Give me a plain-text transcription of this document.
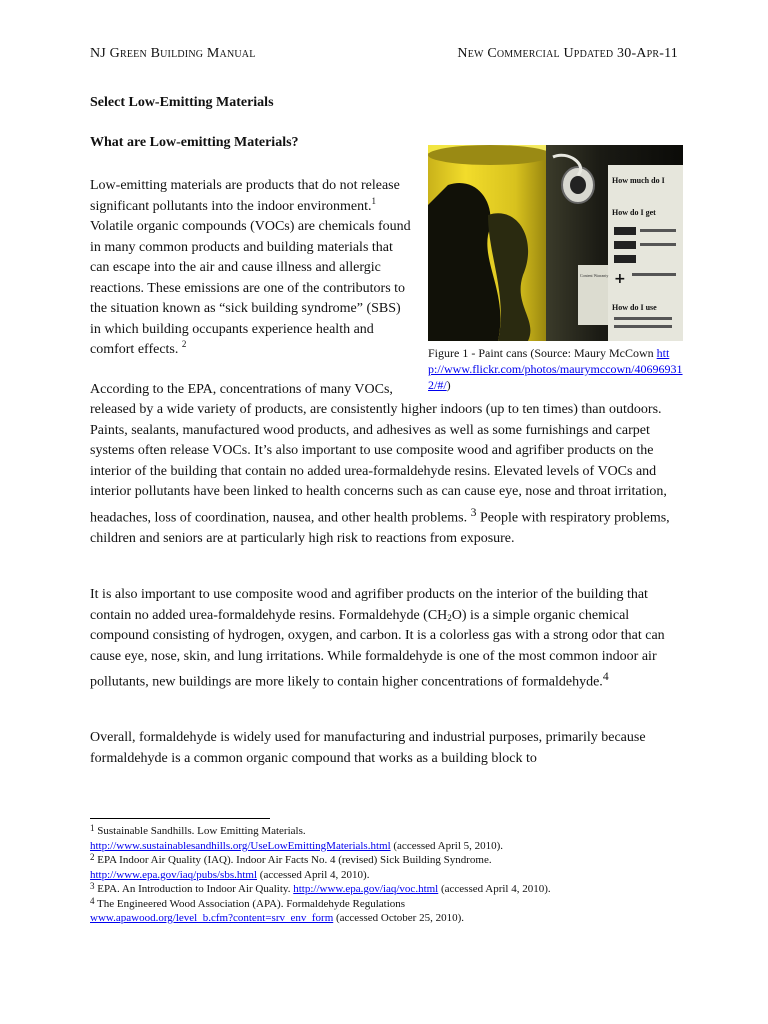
NJ Green Building Manual	New Commercial Updated 30-Apr-11
Select Low-Emitting Materials
What are Low-emitting Materials?

Low-emitting materials are products that do not release significant pollutants into the indoor environment.$^1$ Volatile organic compounds (VOCs) are chemicals found in many common products and building materials that can escape into the air and cause illness and allergic reactions. These emissions are one of the contributors to the situation known as “sick building syndrome” (SBS) in which building occupants experience health and comfort effects. $^2$

How much do I
How do I get
+
Content Warranty
How do I use
Figure 1 - Paint cans (Source: Maury McCown http://www.flickr.com/photos/maurymccown/406969312/#/)

According to the EPA, concentrations of many VOCs,

released by a wide variety of products, are consistently higher indoors (up to ten times) than outdoors. Paints, sealants, manufactured wood products, and adhesives as well as some furnishings and carpet systems often release VOCs. It’s also important to use composite wood and agrifiber products on the interior of the building that contain no added urea-formaldehyde resins. Elevated levels of VOCs and interior pollutants have been linked to health concerns such as can cause eye, nose and throat irritation, headaches, loss of coordination, nausea, and other health problems. $^3$ People with respiratory problems, children and seniors are at particularly high risk to reactions from exposure.

It is also important to use composite wood and agrifiber products on the interior of the building that contain no added urea-formaldehyde resins. Formaldehyde $(CH_2O)$ is a simple organic chemical compound consisting of hydrogen, oxygen, and carbon. It is a colorless gas with a strong odor that can cause eye, nose, skin, and lung irritations. While formaldehyde is one of the most common indoor air pollutants, new buildings are more likely to contain higher concentrations of formaldehyde.$^4$

Overall, formaldehyde is widely used for manufacturing and industrial purposes, primarily because formaldehyde is a common organic compound that works as a building block to

$^1$ Sustainable Sandhills. Low Emitting Materials.
http://www.sustainablesandhills.org/UseLowEmittingMaterials.html (accessed April 5, 2010).

$^2$ EPA Indoor Air Quality (IAQ). Indoor Air Facts No. 4 (revised) Sick Building Syndrome.
http://www.epa.gov/iaq/pubs/sbs.html (accessed April 4, 2010).

$^3$ EPA. An Introduction to Indoor Air Quality. http://www.epa.gov/iaq/voc.html (accessed April 4, 2010).

$^4$ The Engineered Wood Association (APA). Formaldehyde Regulations
www.apawood.org/level_b.cfm?content=srv_env_form (accessed October 25, 2010).
